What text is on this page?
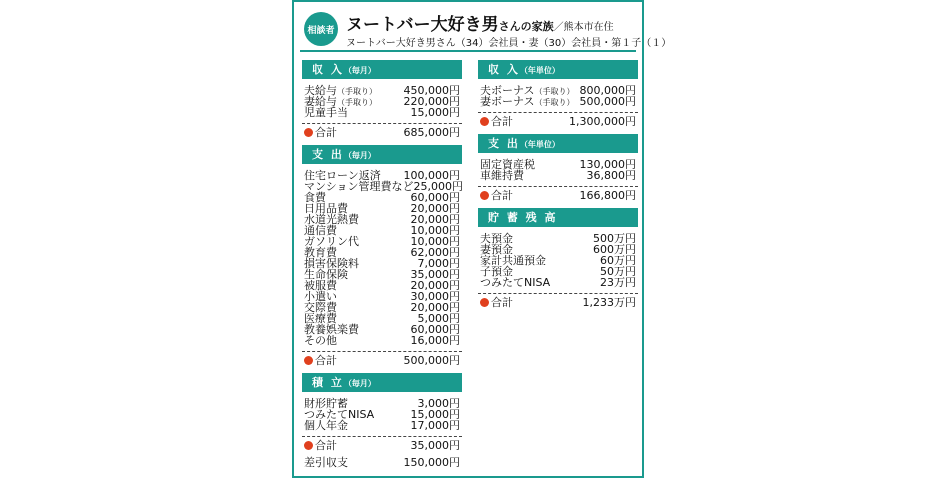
相談者 ヌートバー大好き男さんの家族／熊本市在住
ヌートバー大好き男さん（34）会社員・妻（30）会社員・第１子（１）
収 入（毎月）
夫給与（手取り） 450,000円
妻給与（手取り） 220,000円
児童手当	15,000円
合計	685,000円
支 出（毎月）
住宅ローン返済 100,000円
マンション管理費など 25,000円
食費	60,000円
日用品費	20,000円
水道光熱費	20,000円
通信費	10,000円
ガソリン代	10,000円
教育費	62,000円
損害保険料	7,000円
生命保険	35,000円
被服費	20,000円
小遣い	30,000円
交際費	20,000円
医療費	5,000円
教養娯楽費	60,000円
その他	16,000円
合計	500,000円
積 立（毎月）
財形貯蓄	3,000円
つみたてNISA	15,000円
個人年金	17,000円
合計	35,000円
差引収支	150,000円
収 入（年単位）
夫ボーナス（手取り） 800,000円
妻ボーナス（手取り） 500,000円
合計	1,300,000円
支 出（年単位）
固定資産税	130,000円
車維持費	36,800円
合計	166,800円
貯 蓄 残 高
夫預金	500万円
妻預金	600万円
家計共通預金	60万円
子預金	50万円
つみたてNISA	23万円
合計	1,233万円
